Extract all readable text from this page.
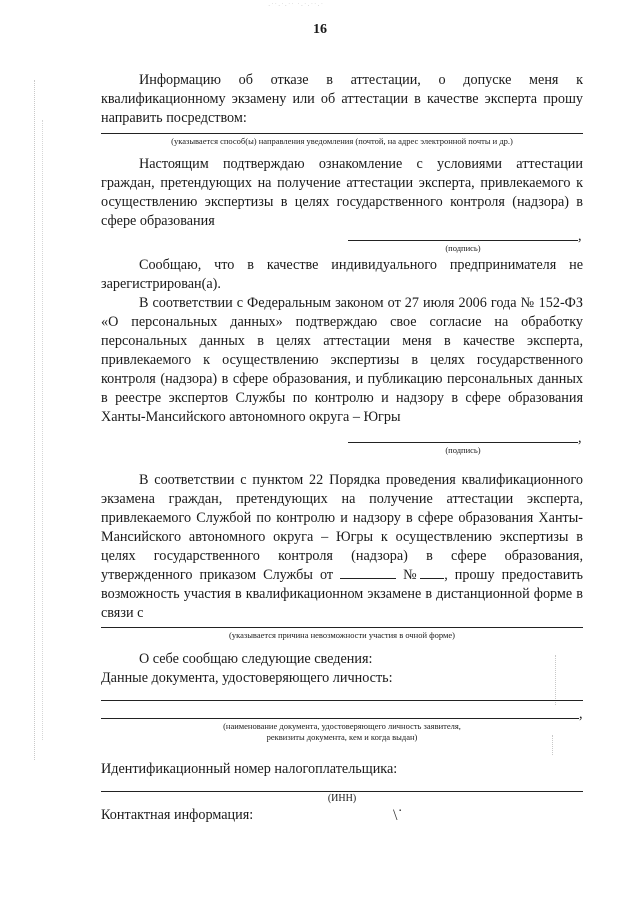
·˙˙·˙·˙˙ ˙·˙·˙˙·˙
16
Информацию об отказе в аттестации, о допуске меня к квалификационному экзамену или об аттестации в качестве эксперта прошу направить посредством:
(указывается способ(ы) направления уведомления (почтой, на адрес электронной почты и др.)
Настоящим подтверждаю ознакомление с условиями аттестации граждан, претендующих на получение аттестации эксперта, привлекаемого к осуществлению экспертизы в целях государственного контроля (надзора) в сфере образования
,
(подпись)
Сообщаю, что в качестве индивидуального предпринимателя не зарегистрирован(а).
В соответствии с Федеральным законом от 27 июля 2006 года № 152-ФЗ «О персональных данных» подтверждаю свое согласие на обработку персональных данных в целях аттестации меня в качестве эксперта, привлекаемого к осуществлению экспертизы в целях государственного контроля (надзора) в сфере образования, и публикацию персональных данных в реестре экспертов Службы по контролю и надзору в сфере образования Ханты-Мансийского автономного округа – Югры
,
(подпись)
В соответствии с пунктом 22 Порядка проведения квалификационного экзамена граждан, претендующих на получение аттестации эксперта, привлекаемого Службой по контролю и надзору в сфере образования Ханты-Мансийского автономного округа – Югры к осуществлению экспертизы в целях государственного контроля (надзора) в сфере образования, утвержденного приказом Службы от	№ , прошу предоставить возможность участия в квалификационном экзамене в дистанционной форме в связи с
(указывается причина невозможности участия в очной форме)
О себе сообщаю следующие сведения:
Данные документа, удостоверяющего личность:
,
(наименование документа, удостоверяющего личность заявителя,
реквизиты документа, кем и когда выдан)
Идентификационный номер налогоплательщика:
(ИНН)
Контактная информация:	\˙
